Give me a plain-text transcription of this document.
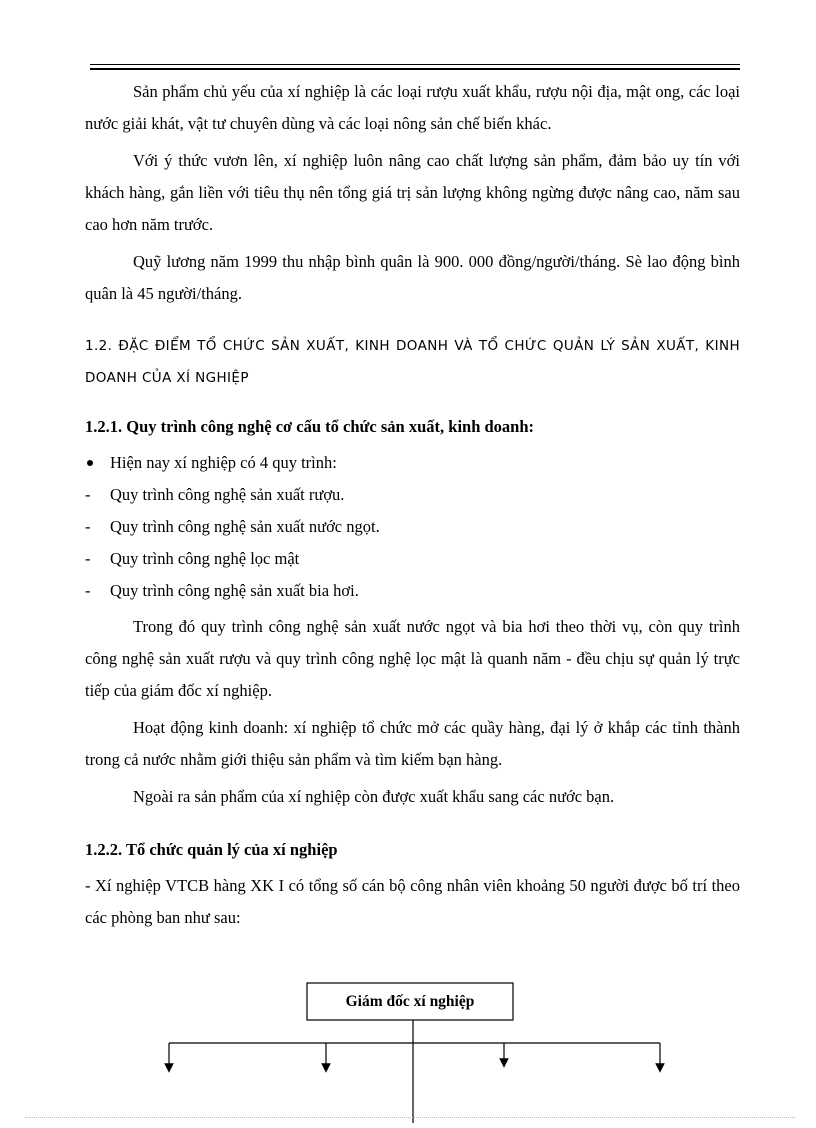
Sản phẩm chủ yếu của xí nghiệp là các loại rượu xuất khẩu, rượu nội địa, mật ong, các loại nước giải khát, vật tư chuyên dùng và các loại nông sản chế biến khác.

Với ý thức vươn lên, xí nghiệp luôn nâng cao chất lượng sản phẩm, đảm bảo uy tín với khách hàng, gắn liền với tiêu thụ nên tổng giá trị sản lượng không ngừng được nâng cao, năm sau cao hơn năm trước.

Quỹ lương năm 1999 thu nhập bình quân là 900. 000 đồng/người/tháng. Sè lao động bình quân là 45 người/tháng.

1.2. ĐẶC ĐIỂM TỔ CHỨC SẢN XUẤT, KINH DOANH VÀ TỔ CHỨC QUẢN LÝ SẢN XUẤT, KINH DOANH CỦA XÍ NGHIỆP

1.2.1. Quy trình công nghệ cơ cấu tổ chức sản xuất, kinh doanh:

Hiện nay xí nghiệp có 4 quy trình:
- Quy trình công nghệ sản xuất rượu.
- Quy trình công nghệ sản xuất nước ngọt.
- Quy trình công nghệ lọc mật
- Quy trình công nghệ sản xuất bia hơi.

Trong đó quy trình công nghệ sản xuất nước ngọt và bia hơi theo thời vụ, còn quy trình công nghệ sản xuất rượu và quy trình công nghệ lọc mật là quanh năm - đều chịu sự quản lý trực tiếp của giám đốc xí nghiệp.

Hoạt động kinh doanh: xí nghiệp tổ chức mở các quầy hàng, đại lý ở khắp các tỉnh thành trong cả nước nhằm giới thiệu sản phẩm và tìm kiếm bạn hàng.

Ngoài ra sản phẩm của xí nghiệp còn được xuất khẩu sang các nước bạn.

1.2.2. Tổ chức quản lý của xí nghiệp

- Xí nghiệp VTCB hàng XK I có tổng số cán bộ công nhân viên khoảng 50 người được bố trí theo các phòng ban như sau:

Giám đốc xí nghiệp
